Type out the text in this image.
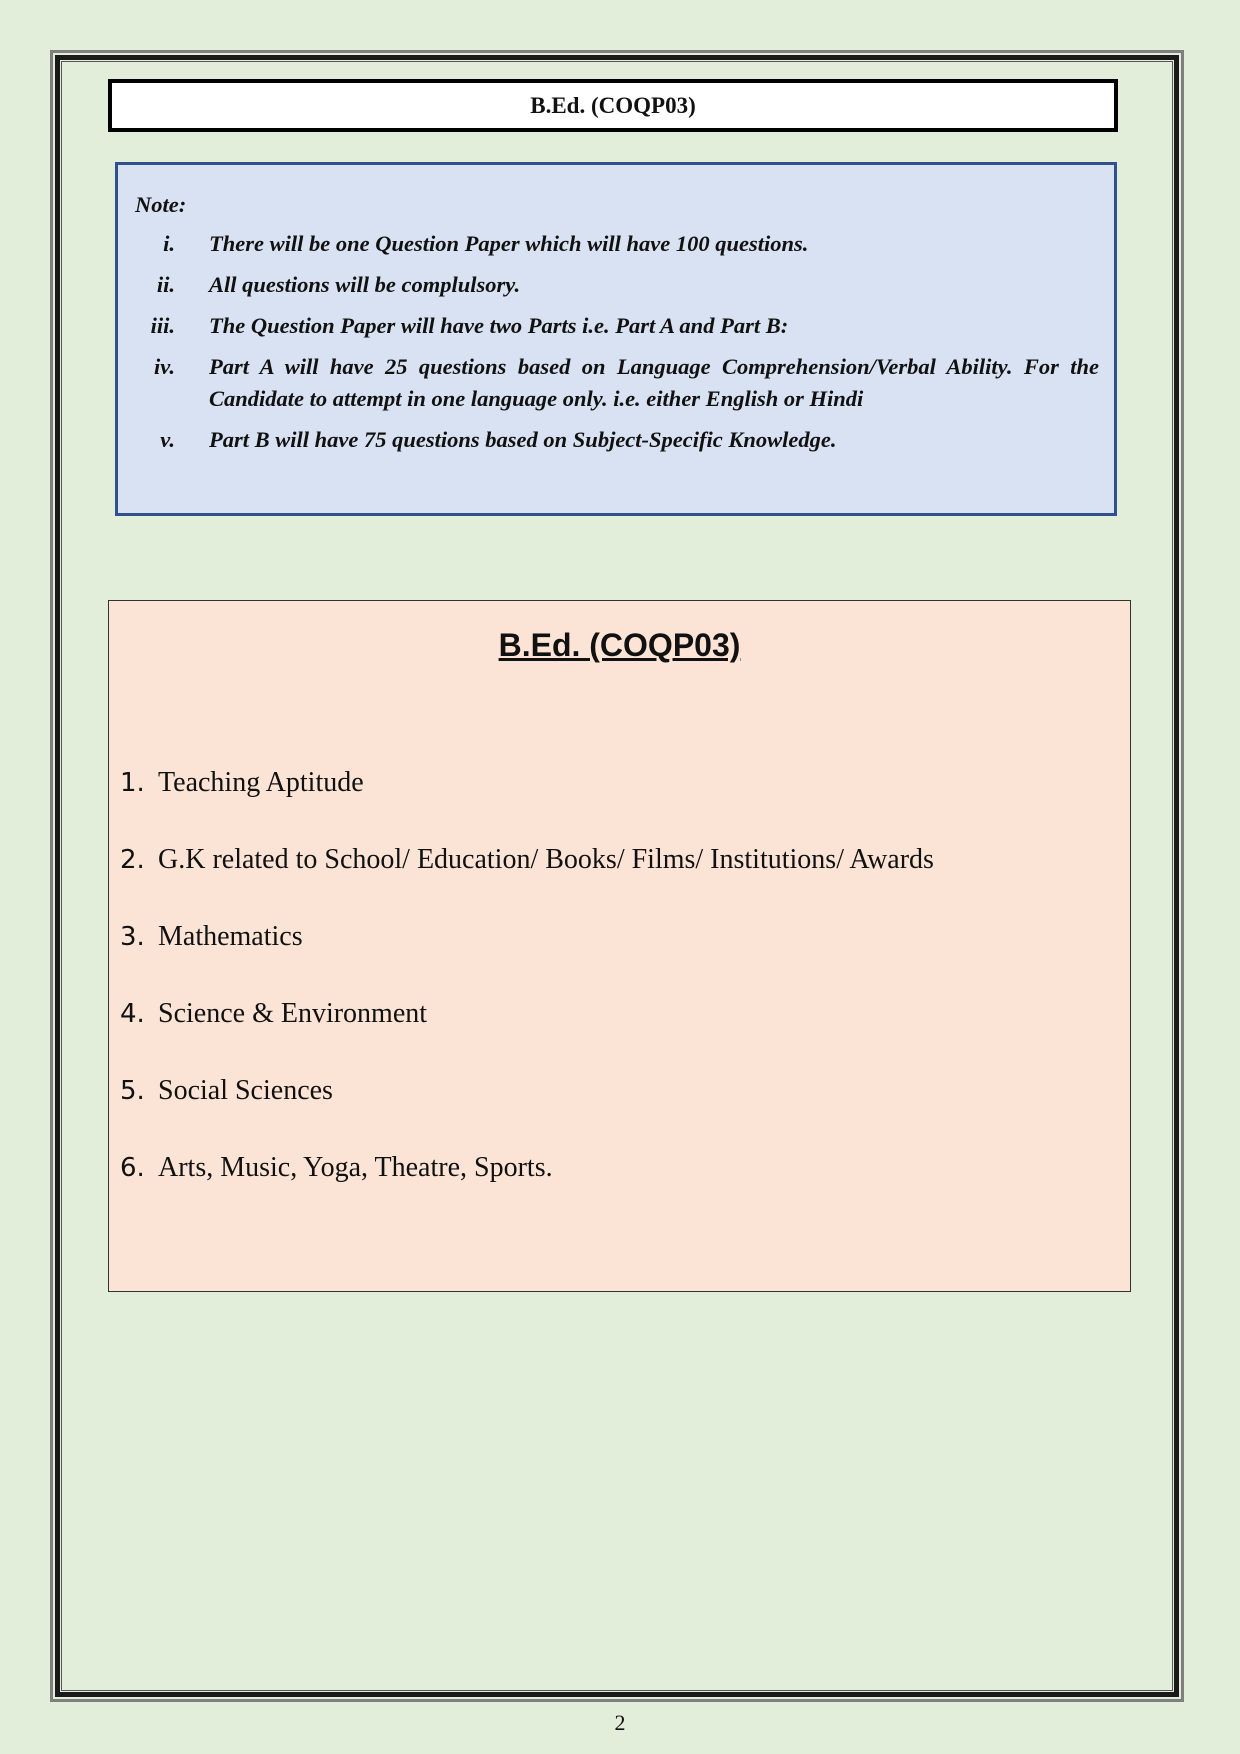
B.Ed. (COQP03)
Note:
i. There will be one Question Paper which will have 100 questions.
ii. All questions will be complulsory.
iii. The Question Paper will have two Parts i.e. Part A and Part B:
iv. Part A will have 25 questions based on Language Comprehension/Verbal Ability. For the Candidate to attempt in one language only. i.e. either English or Hindi
v. Part B will have 75 questions based on Subject-Specific Knowledge.
B.Ed. (COQP03)
1. Teaching Aptitude
2. G.K related to School/ Education/ Books/ Films/ Institutions/ Awards
3. Mathematics
4. Science & Environment
5. Social Sciences
6. Arts, Music, Yoga, Theatre, Sports.
2
